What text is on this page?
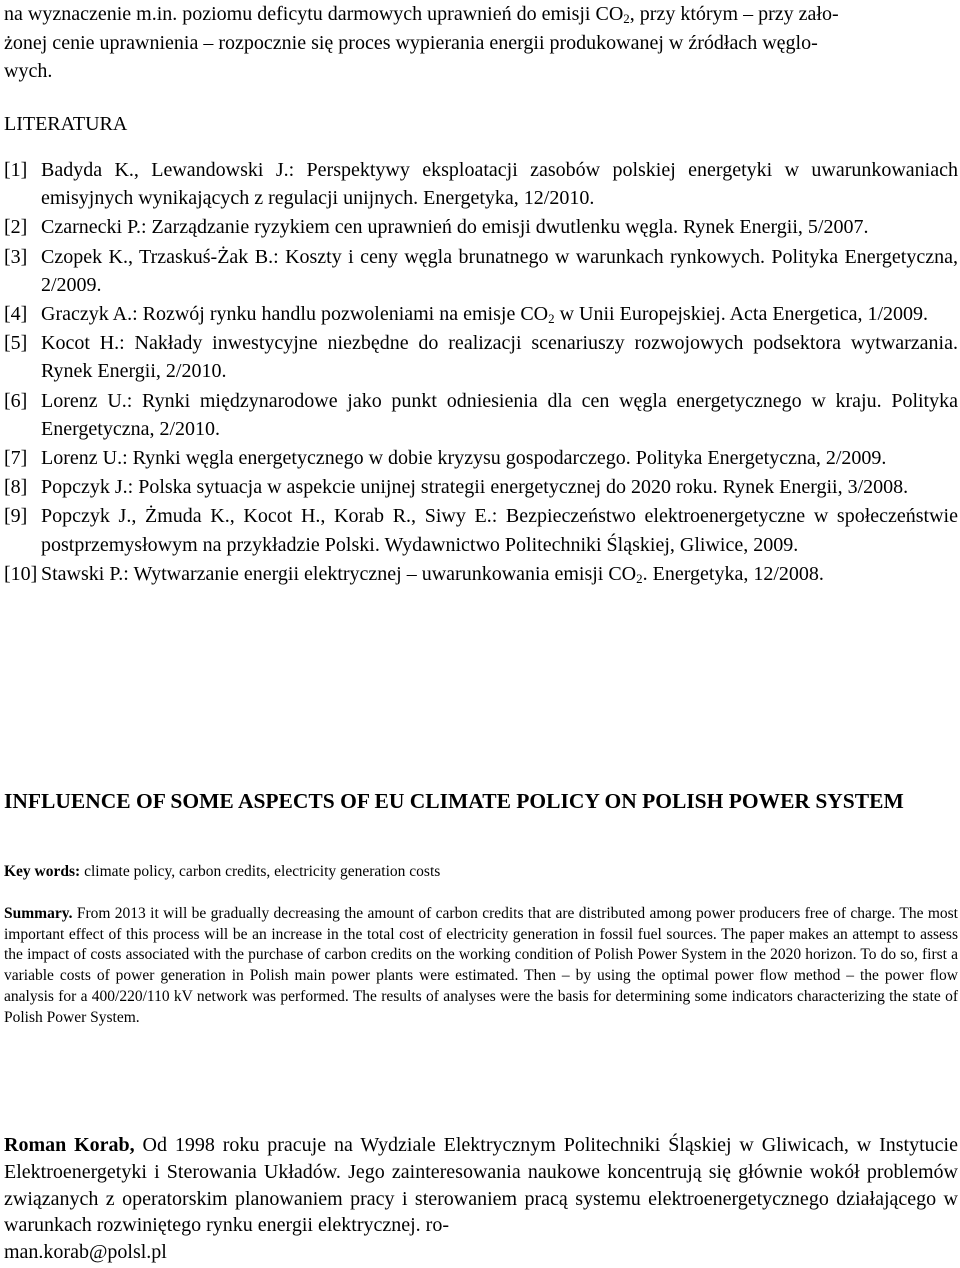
na wyznaczenie m.in. poziomu deficytu darmowych uprawnień do emisji $CO_2$, przy którym – przy zało-
żonej cenie uprawnienia – rozpocznie się proces wypierania energii produkowanej w źródłach węglo-
wych.
LITERATURA
[1] Badyda K., Lewandowski J.: Perspektywy eksploatacji zasobów polskiej energetyki w uwarunkowaniach emisyjnych wynikających z regulacji unijnych. Energetyka, 12/2010.
[2] Czarnecki P.: Zarządzanie ryzykiem cen uprawnień do emisji dwutlenku węgla. Rynek Energii, 5/2007.
[3] Czopek K., Trzaskuś-Żak B.: Koszty i ceny węgla brunatnego w warunkach rynkowych. Polityka Energetyczna, 2/2009.
[4] Graczyk A.: Rozwój rynku handlu pozwoleniami na emisje $CO_2$ w Unii Europejskiej. Acta Energetica, 1/2009.
[5] Kocot H.: Nakłady inwestycyjne niezbędne do realizacji scenariuszy rozwojowych podsektora wytwarzania. Rynek Energii, 2/2010.
[6] Lorenz U.: Rynki międzynarodowe jako punkt odniesienia dla cen węgla energetycznego w kraju. Polityka Energetyczna, 2/2010.
[7] Lorenz U.: Rynki węgla energetycznego w dobie kryzysu gospodarczego. Polityka Energetyczna, 2/2009.
[8] Popczyk J.: Polska sytuacja w aspekcie unijnej strategii energetycznej do 2020 roku. Rynek Energii, 3/2008.
[9] Popczyk J., Żmuda K., Kocot H., Korab R., Siwy E.: Bezpieczeństwo elektroenergetyczne w społeczeństwie postprzemysłowym na przykładzie Polski. Wydawnictwo Politechniki Śląskiej, Gliwice, 2009.
[10] Stawski P.: Wytwarzanie energii elektrycznej – uwarunkowania emisji $CO_2$. Energetyka, 12/2008.
INFLUENCE OF SOME ASPECTS OF EU CLIMATE POLICY ON POLISH POWER SYSTEM
Key words: climate policy, carbon credits, electricity generation costs
Summary. From 2013 it will be gradually decreasing the amount of carbon credits that are distributed among power producers free of charge. The most important effect of this process will be an increase in the total cost of electricity generation in fossil fuel sources. The paper makes an attempt to assess the impact of costs associated with the purchase of carbon credits on the working condition of Polish Power System in the 2020 horizon. To do so, first a variable costs of power generation in Polish main power plants were estimated. Then – by using the optimal power flow method – the power flow analysis for a 400/220/110 kV network was performed. The results of analyses were the basis for determining some indicators characterizing the state of Polish Power System.
Roman Korab, Od 1998 roku pracuje na Wydziale Elektrycznym Politechniki Śląskiej w Gliwicach, w Instytucie Elektroenergetyki i Sterowania Układów. Jego zainteresowania naukowe koncentrują się głównie wokół problemów związanych z operatorskim planowaniem pracy i sterowaniem pracą systemu elektroenergetycznego działającego w warunkach rozwiniętego rynku energii elektrycznej. ro-
man.korab@polsl.pl
